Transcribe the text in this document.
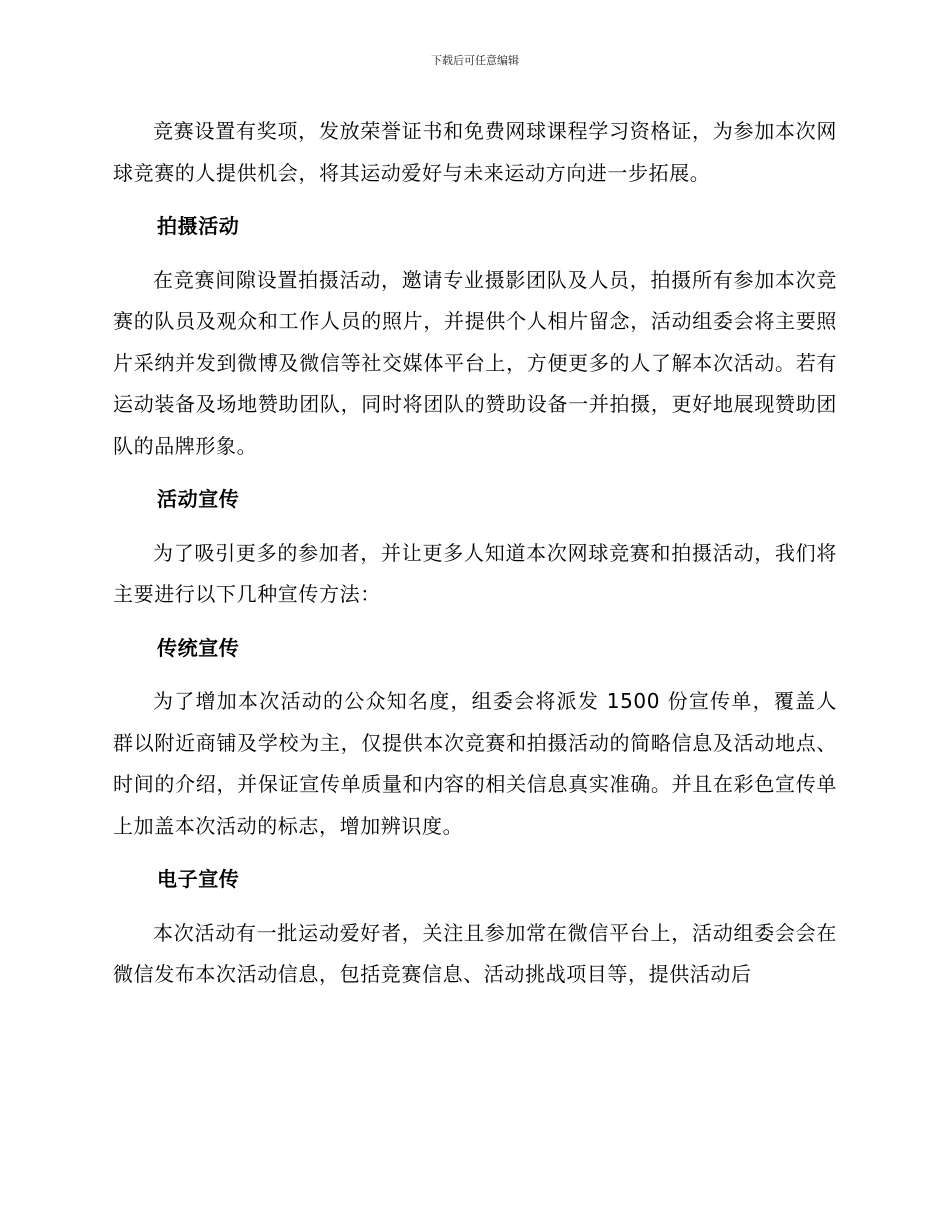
下载后可任意编辑

竞赛设置有奖项，发放荣誉证书和免费网球课程学习资格证，为参加本次网球竞赛的人提供机会，将其运动爱好与未来运动方向进一步拓展。

拍摄活动

在竞赛间隙设置拍摄活动，邀请专业摄影团队及人员，拍摄所有参加本次竞赛的队员及观众和工作人员的照片，并提供个人相片留念，活动组委会将主要照片采纳并发到微博及微信等社交媒体平台上，方便更多的人了解本次活动。若有运动装备及场地赞助团队，同时将团队的赞助设备一并拍摄，更好地展现赞助团队的品牌形象。

活动宣传

为了吸引更多的参加者，并让更多人知道本次网球竞赛和拍摄活动，我们将主要进行以下几种宣传方法：

传统宣传

为了增加本次活动的公众知名度，组委会将派发 1500 份宣传单，覆盖人群以附近商铺及学校为主，仅提供本次竞赛和拍摄活动的简略信息及活动地点、时间的介绍，并保证宣传单质量和内容的相关信息真实准确。并且在彩色宣传单上加盖本次活动的标志，增加辨识度。

电子宣传

本次活动有一批运动爱好者，关注且参加常在微信平台上，活动组委会会在微信发布本次活动信息，包括竞赛信息、活动挑战项目等，提供活动后
